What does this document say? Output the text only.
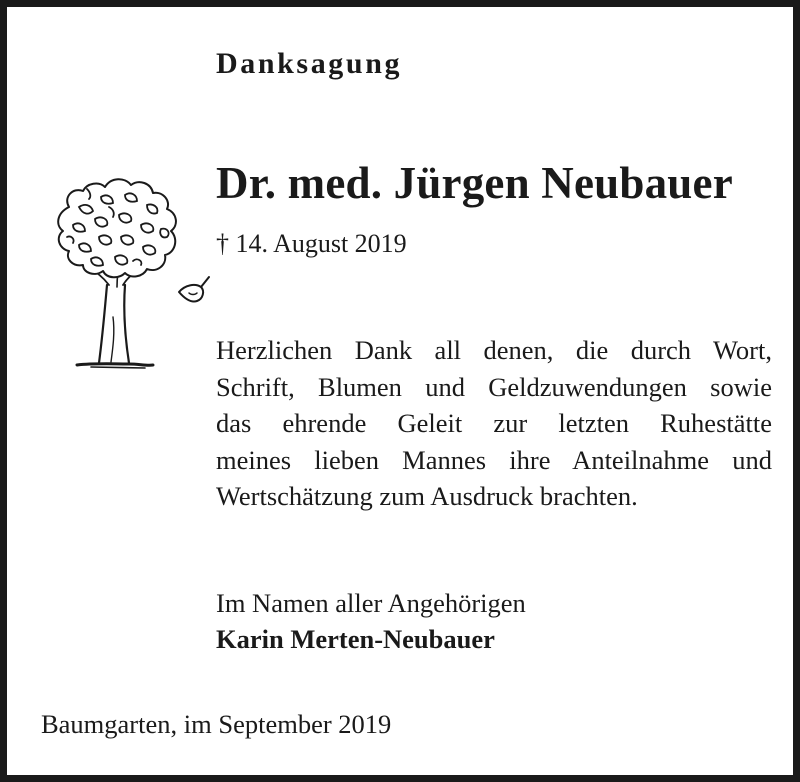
Danksagung
Dr. med. Jürgen Neubauer
† 14. August 2019
Herzlichen Dank all denen, die durch Wort,
Schrift, Blumen und Geldzuwendungen sowie
das ehrende Geleit zur letzten Ruhestätte
meines lieben Mannes ihre Anteilnahme und
Wertschätzung zum Ausdruck brachten.
Im Namen aller Angehörigen
Karin Merten-Neubauer
Baumgarten, im September 2019
